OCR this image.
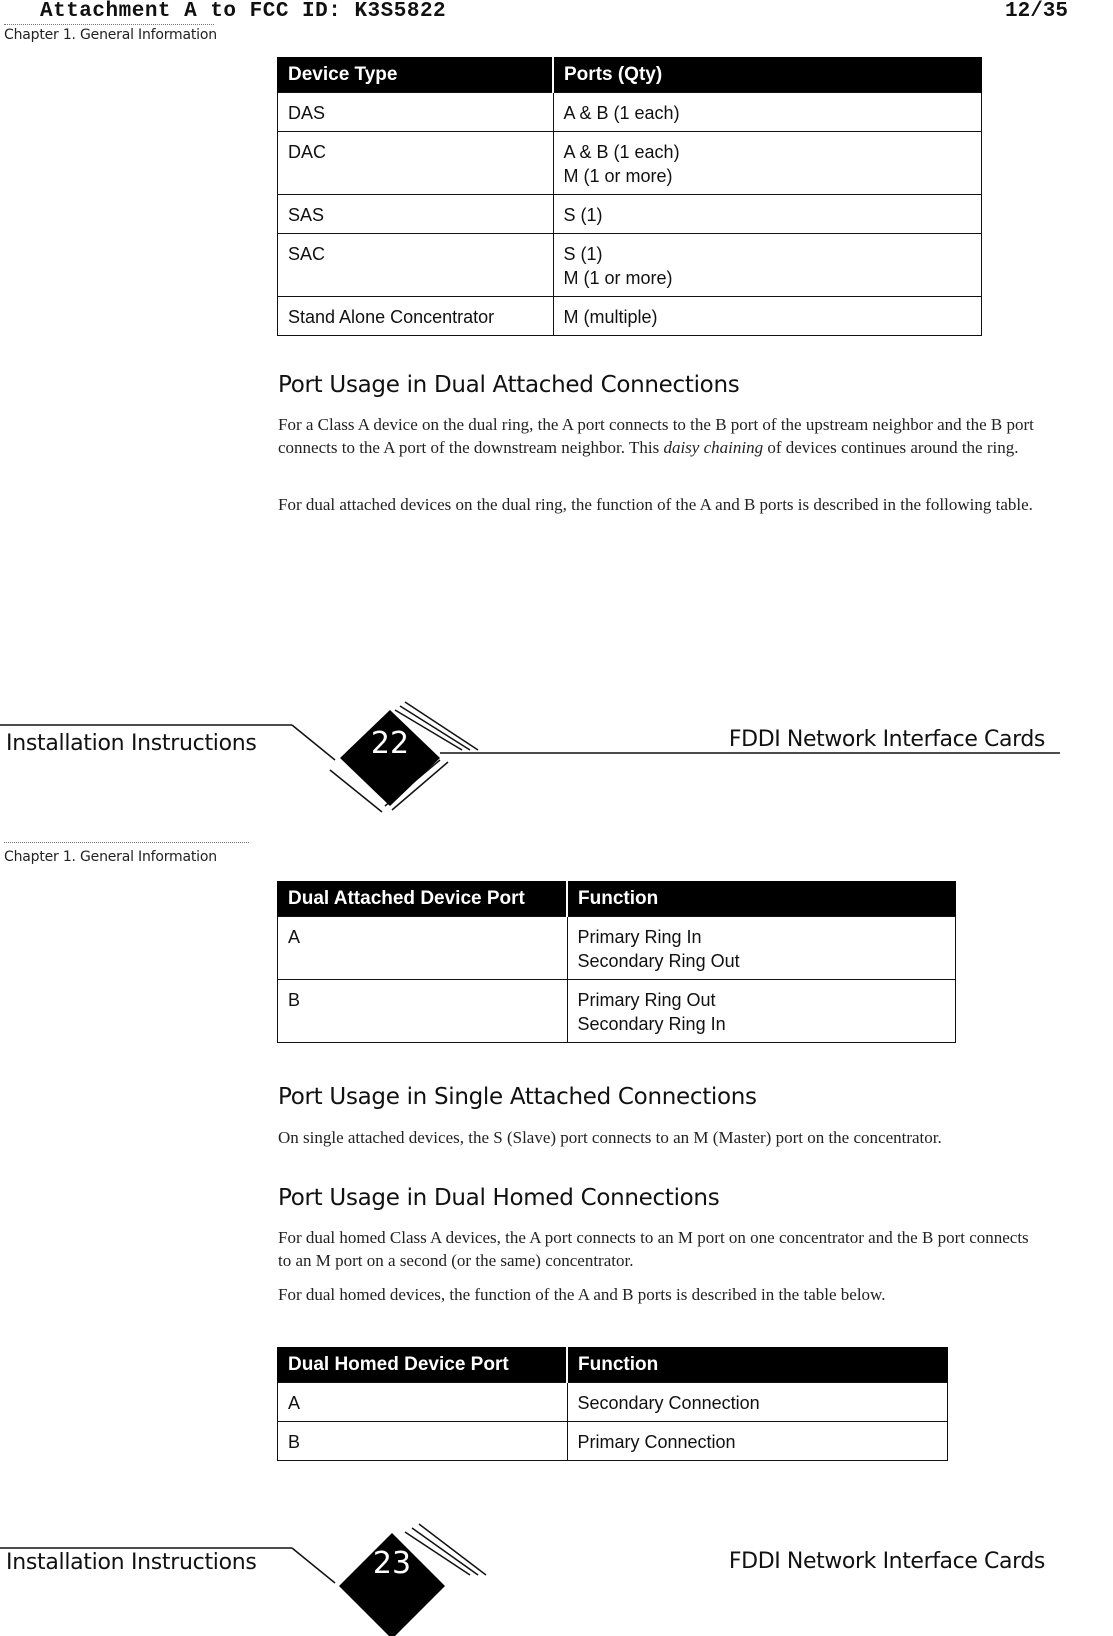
Attachment A to FCC ID: K3S5822	12/35
Chapter 1. General Information
Device Type	Ports (Qty)
DAS	A & B (1 each)

DAC	A & B (1 each)
M (1 or more)

SAS	S (1)

SAC	S (1)
M (1 or more)

Stand Alone Concentrator	M (multiple)
Port Usage in Dual Attached Connections

For a Class A device on the dual ring, the A port connects to the B port of the upstream neighbor and the B port connects to the A port of the downstream neighbor. This daisy chaining of devices continues around the ring.

For dual attached devices on the dual ring, the function of the A and B ports is described in the following table.

22
Installation Instructions	FDDI Network Interface Cards
Chapter 1. General Information
Dual Attached Device Port	Function
A	Primary Ring In
Secondary Ring Out

B	Primary Ring Out
Secondary Ring In
Port Usage in Single Attached Connections

On single attached devices, the S (Slave) port connects to an M (Master) port on the concentrator.

Port Usage in Dual Homed Connections

For dual homed Class A devices, the A port connects to an M port on one concentrator and the B port connects to an M port on a second (or the same) concentrator.

For dual homed devices, the function of the A and B ports is described in the table below.

Dual Homed Device Port	Function
A	Secondary Connection

B	Primary Connection
23
Installation Instructions	FDDI Network Interface Cards
